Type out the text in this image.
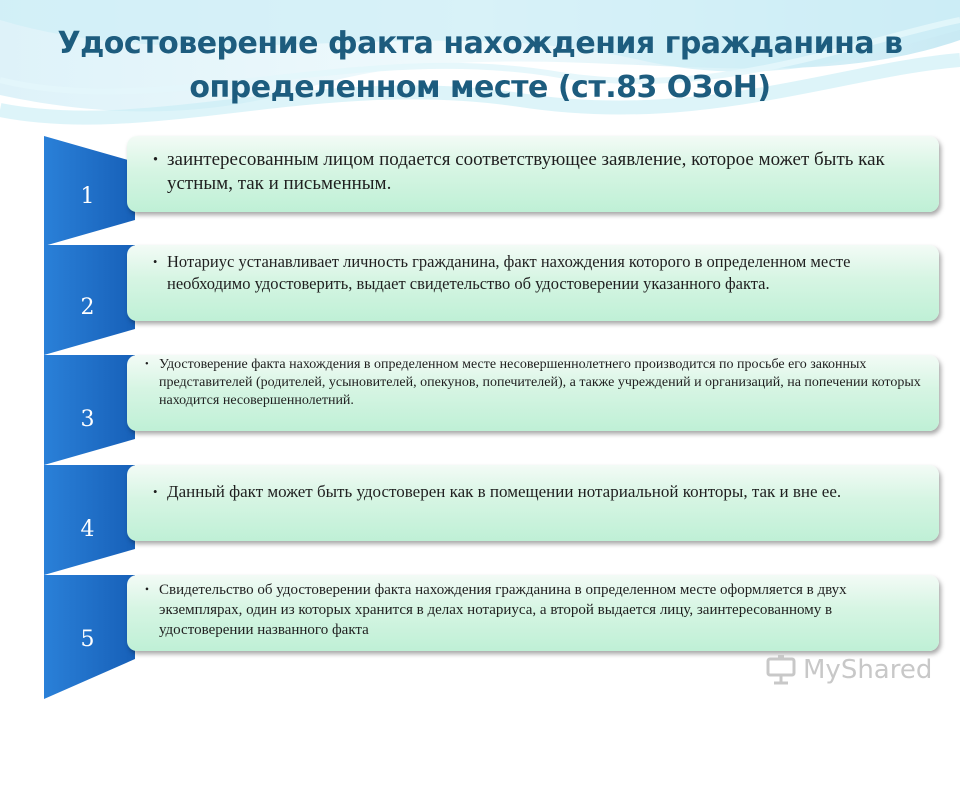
Удостоверение факта нахождения гражданина в
определенном месте (ст.83 ОЗоН)
1
• заинтересованным лицом подается соответствующее заявление, которое может быть как устным, так и письменным.
2
• Нотариус устанавливает личность гражданина, факт нахождения которого в определенном месте необходимо удостоверить, выдает свидетельство об удостоверении указанного факта.
3
• Удостоверение факта нахождения в определенном месте несовершеннолетнего производится по просьбе его законных представителей (родителей, усыновителей, опекунов, попечителей), а также учреждений и организаций, на попечении которых находится несовершеннолетний.
4
• Данный факт может быть удостоверен как в помещении нотариальной конторы, так и вне ее.
5
• Свидетельство об удостоверении факта нахождения гражданина в определенном месте оформляется в двух экземплярах, один из которых хранится в делах нотариуса, а второй выдается лицу, заинтересованному в удостоверении названного факта
MyShared
